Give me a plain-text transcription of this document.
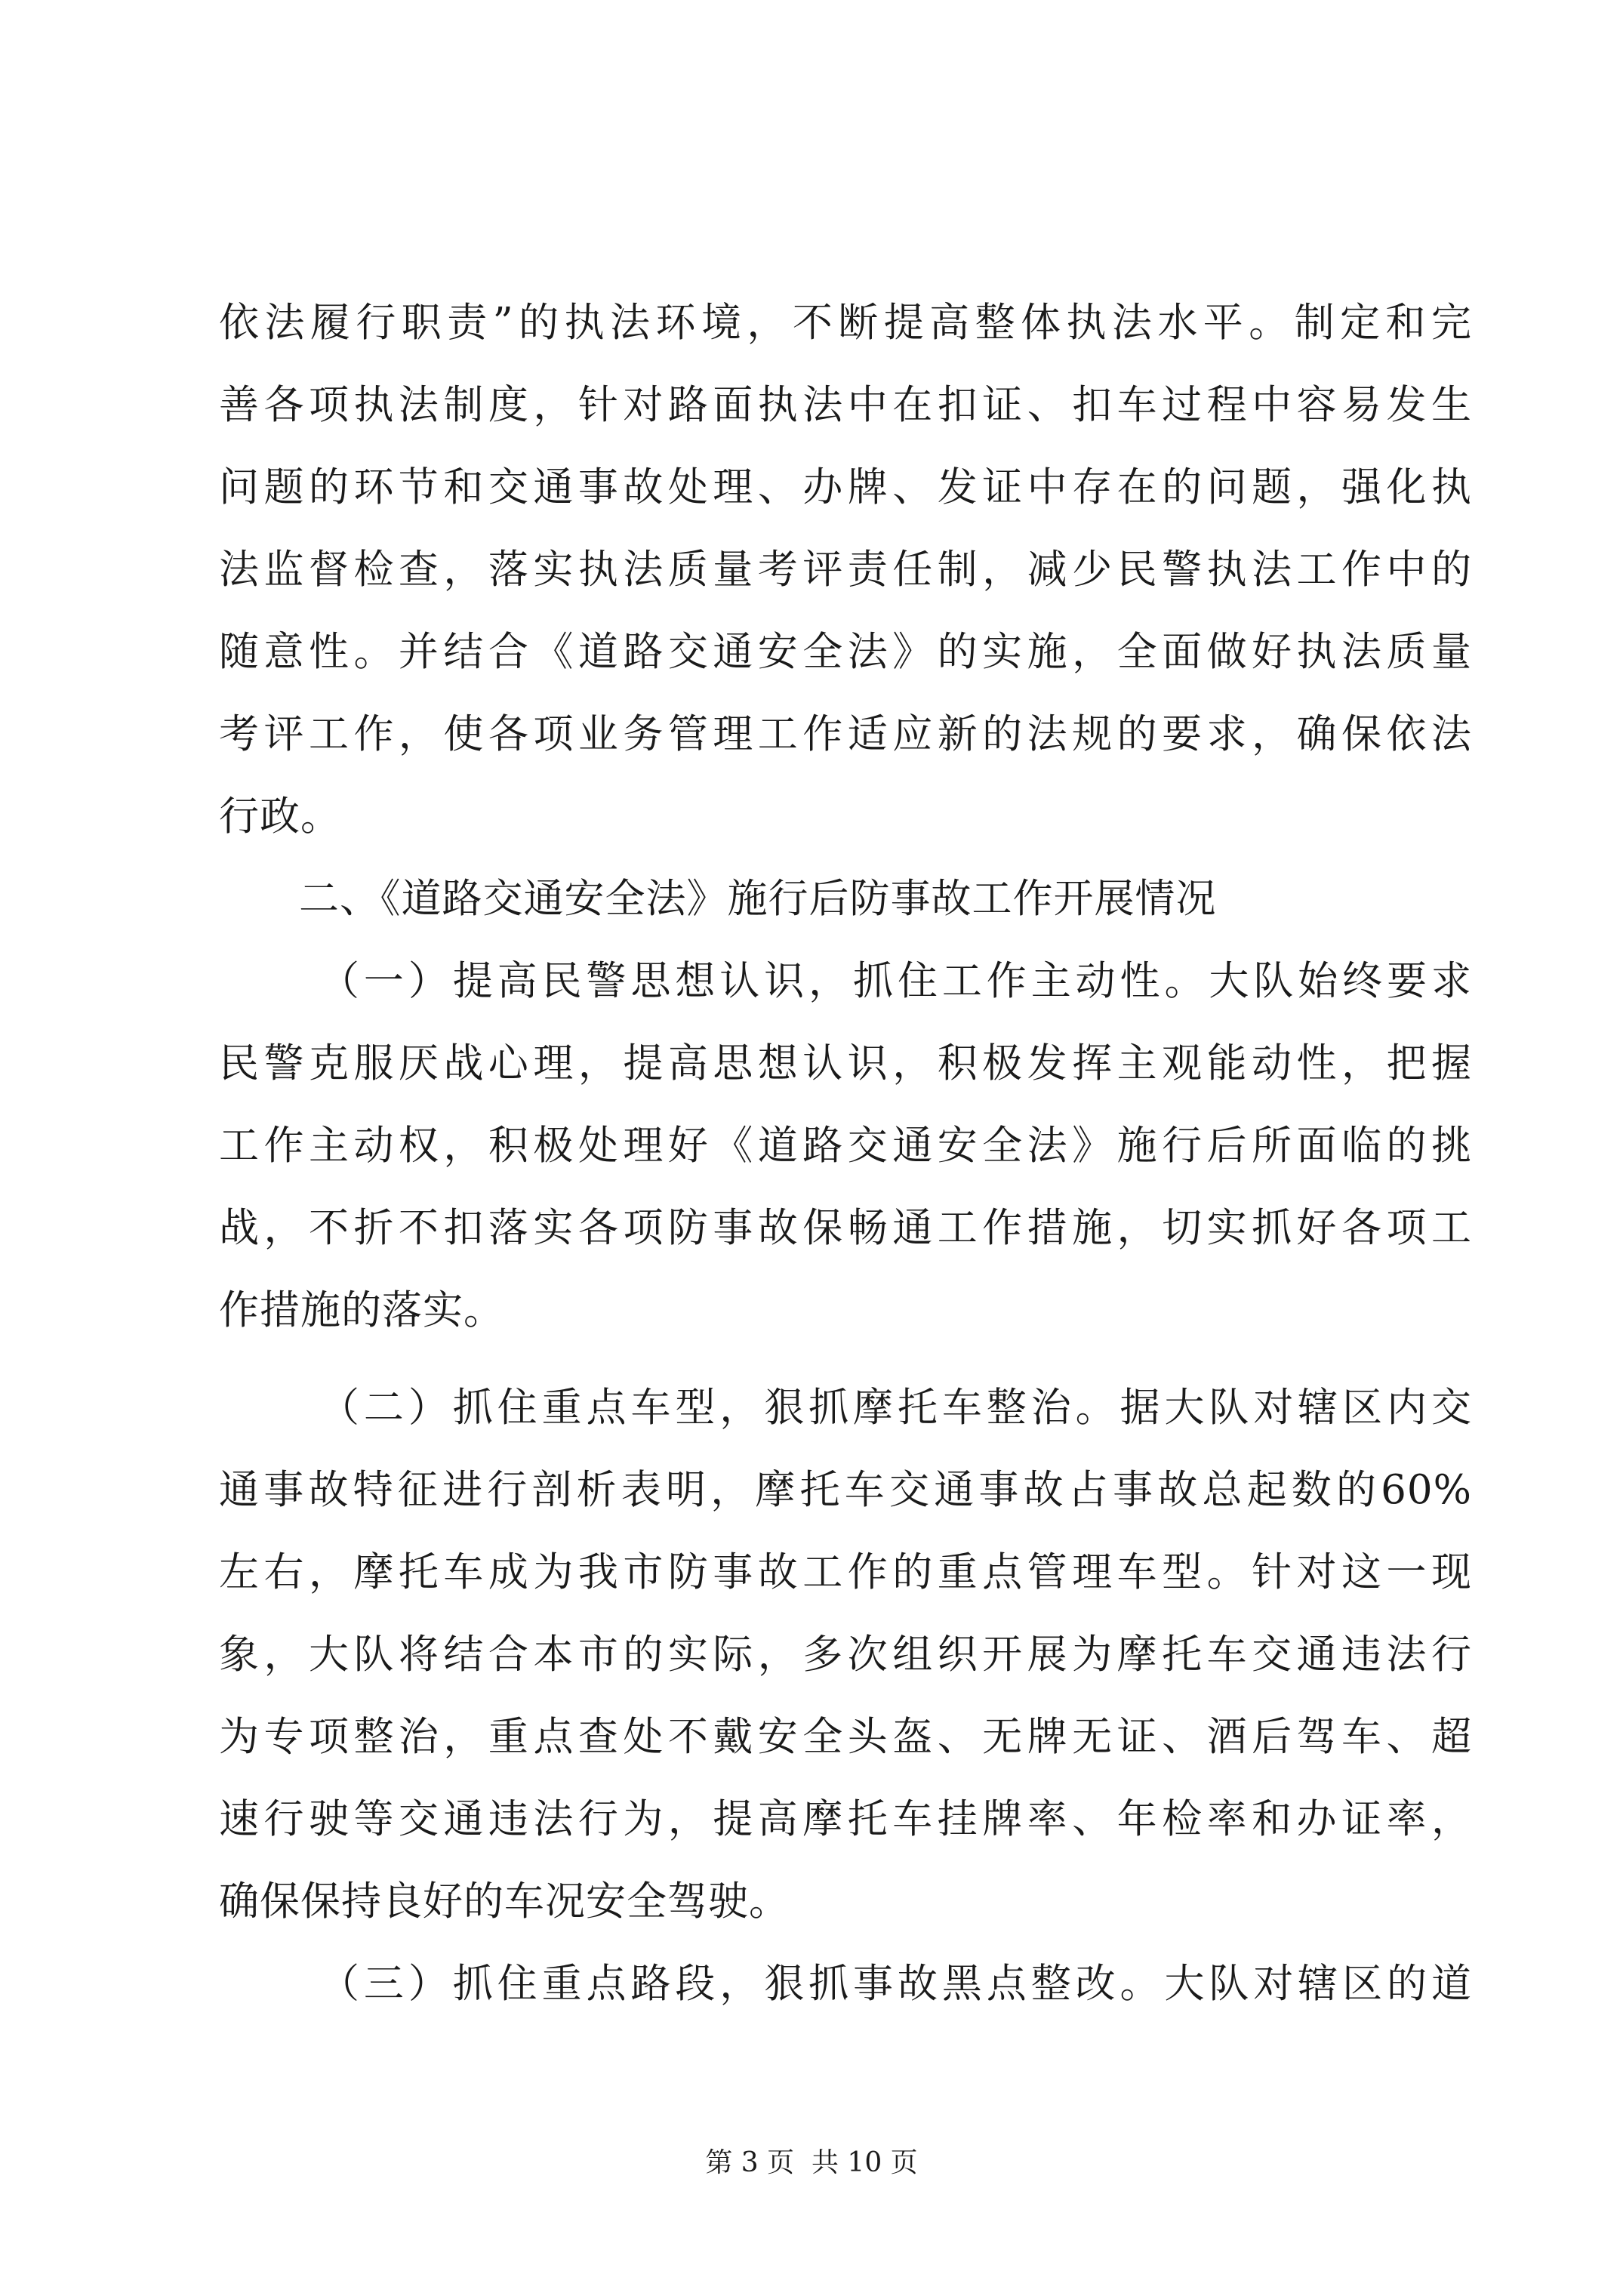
依法履行职责”的执法环境，不断提高整体执法水平。制定和完
善各项执法制度，针对路面执法中在扣证、扣车过程中容易发生
问题的环节和交通事故处理、办牌、发证中存在的问题，强化执
法监督检查，落实执法质量考评责任制，减少民警执法工作中的
随意性。并结合《道路交通安全法》的实施，全面做好执法质量
考评工作，使各项业务管理工作适应新的法规的要求，确保依法
行政。
二、《道路交通安全法》施行后防事故工作开展情况
（一）提高民警思想认识，抓住工作主动性。大队始终要求
民警克服厌战心理，提高思想认识，积极发挥主观能动性，把握
工作主动权，积极处理好《道路交通安全法》施行后所面临的挑
战，不折不扣落实各项防事故保畅通工作措施，切实抓好各项工
作措施的落实。
（二）抓住重点车型，狠抓摩托车整治。据大队对辖区内交
通事故特征进行剖析表明，摩托车交通事故占事故总起数的60%
左右，摩托车成为我市防事故工作的重点管理车型。针对这一现
象，大队将结合本市的实际，多次组织开展为摩托车交通违法行
为专项整治，重点查处不戴安全头盔、无牌无证、酒后驾车、超
速行驶等交通违法行为，提高摩托车挂牌率、年检率和办证率，
确保保持良好的车况安全驾驶。
（三）抓住重点路段，狠抓事故黑点整改。大队对辖区的道
第 3 页  共 10 页
